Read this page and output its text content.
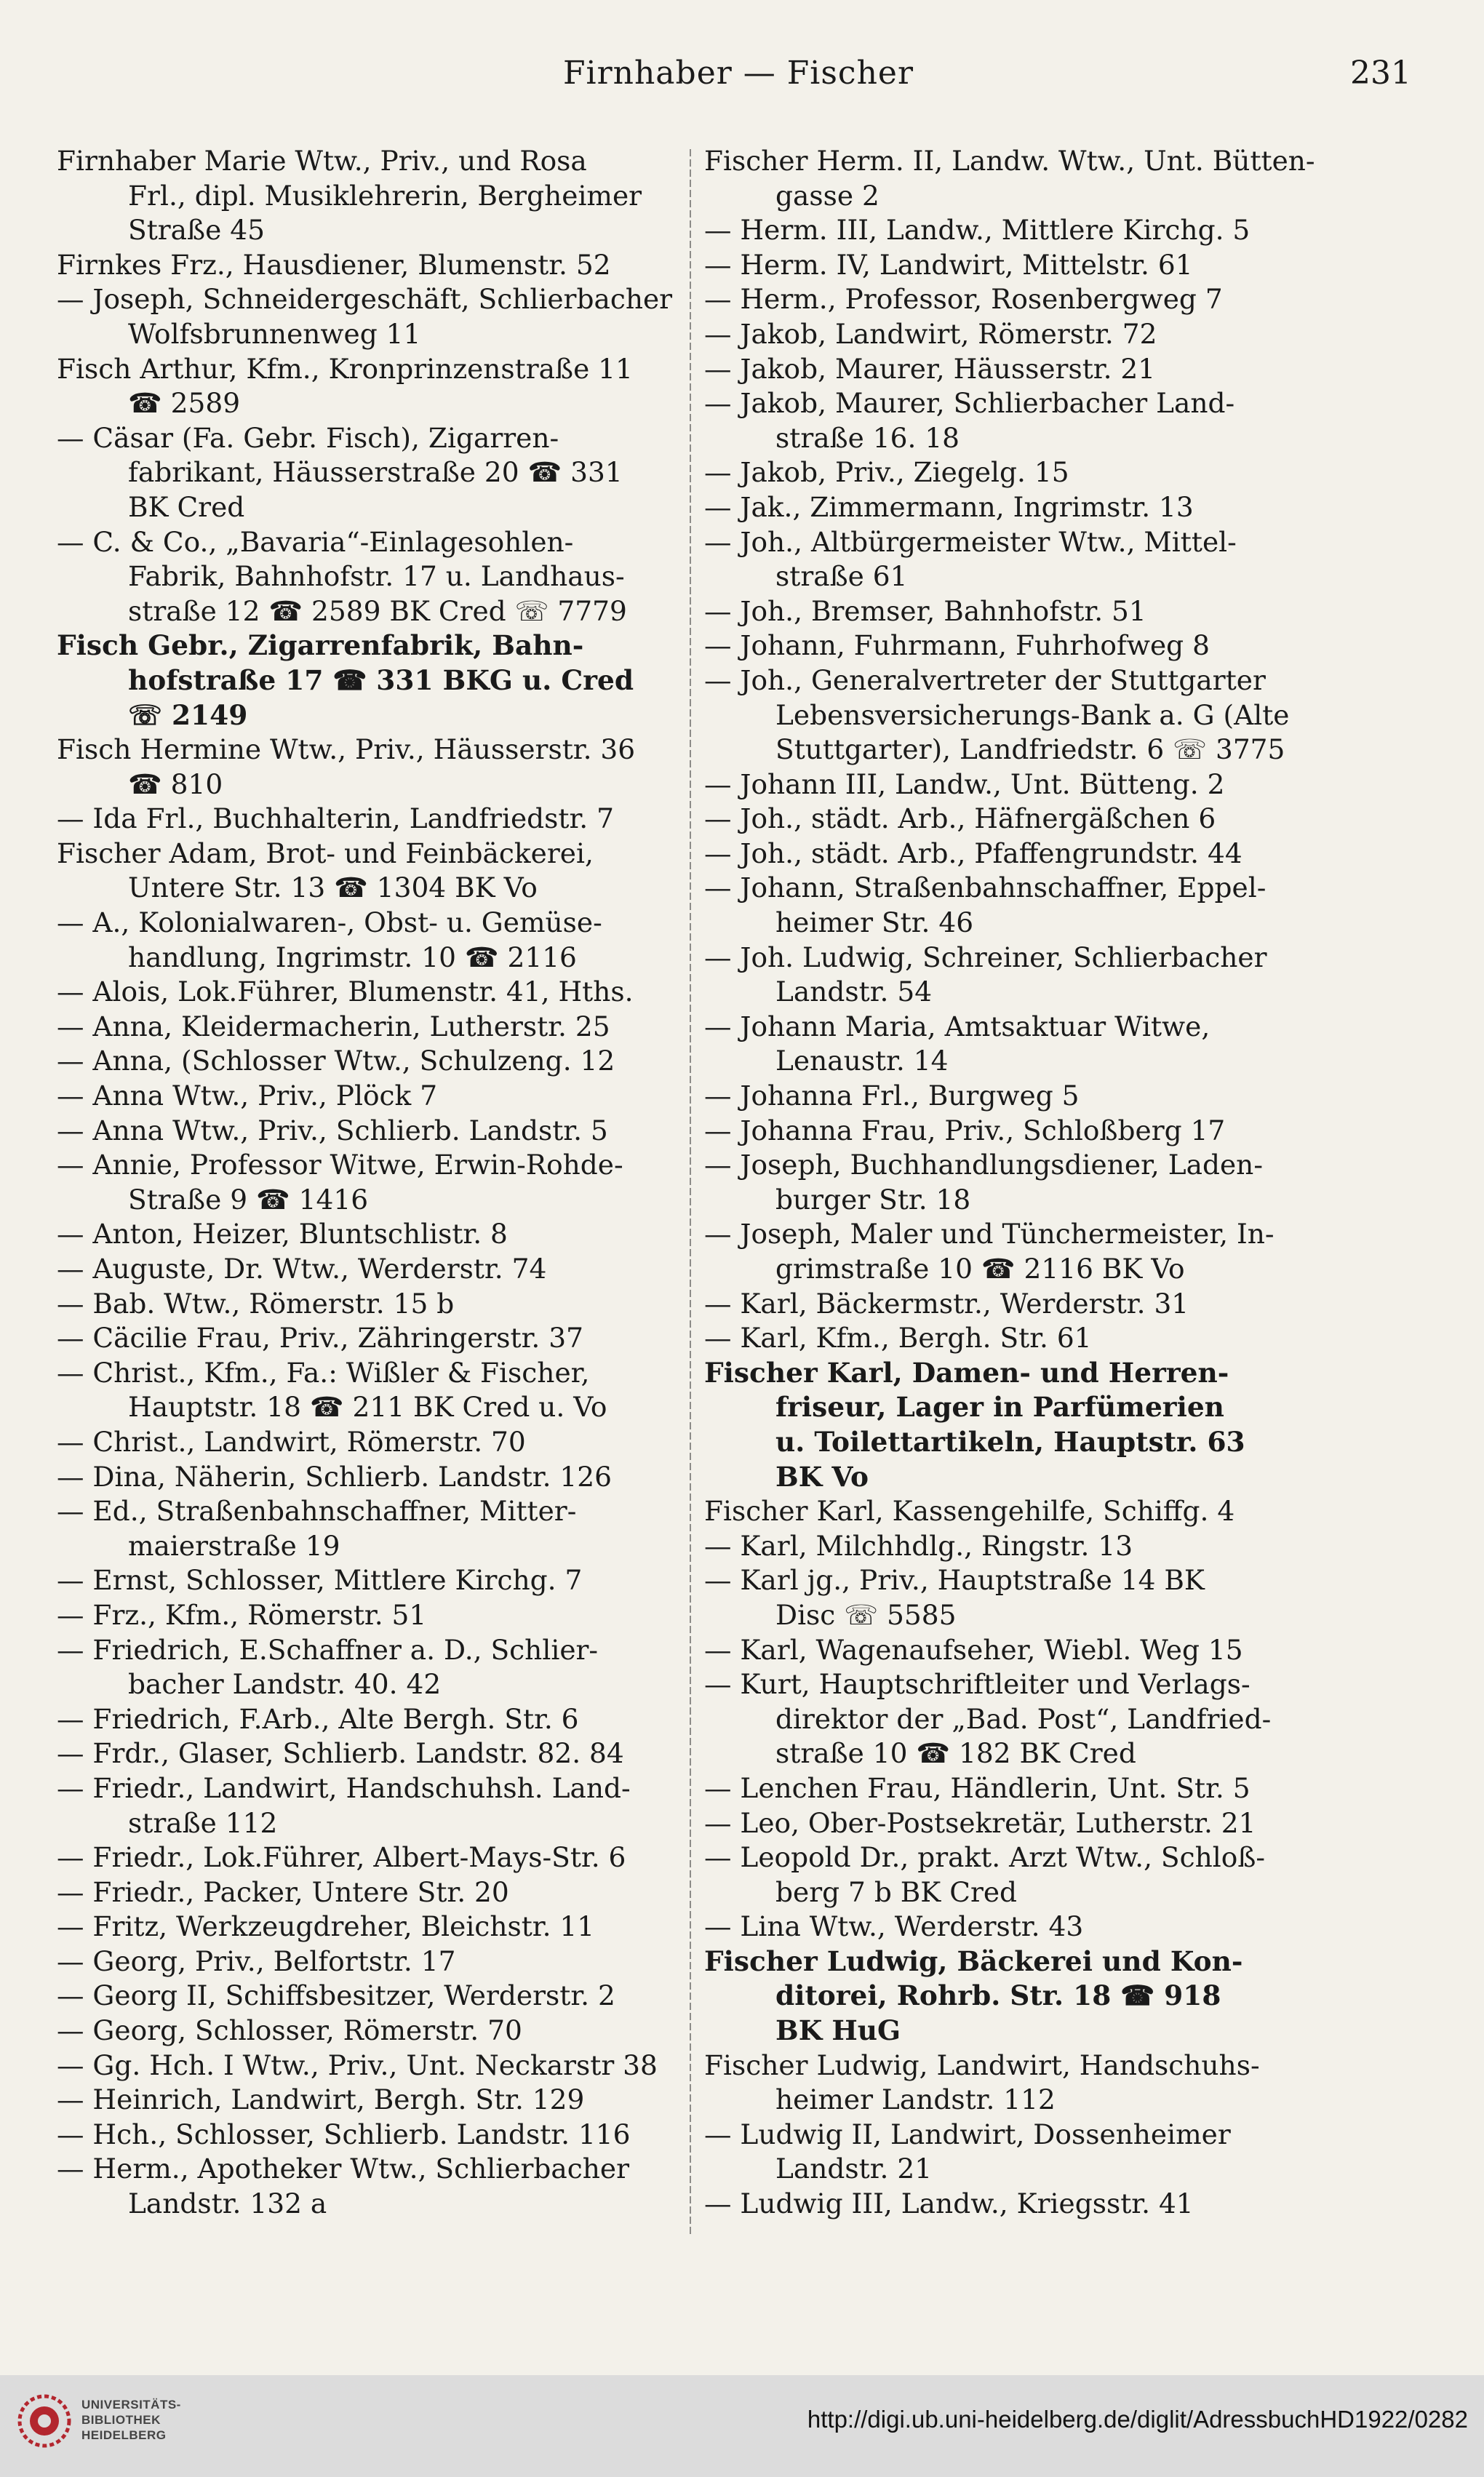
Firnhaber — Fischer	231
Firnhaber Marie Wtw., Priv., und Rosa
Frl., dipl. Musiklehrerin, Bergheimer
Straße 45
Firnkes Frz., Hausdiener, Blumenstr. 52
— Joseph, Schneidergeschäft, Schlierbacher
Wolfsbrunnenweg 11
Fisch Arthur, Kfm., Kronprinzenstraße 11
☎ 2589
— Cäsar (Fa. Gebr. Fisch), Zigarren-
fabrikant, Häusserstraße 20 ☎ 331
BK Cred
— C. & Co., „Bavaria“-Einlagesohlen-
Fabrik, Bahnhofstr. 17 u. Landhaus-
straße 12 ☎ 2589 BK Cred ☏ 7779
Fisch Gebr., Zigarrenfabrik, Bahn-
hofstraße 17 ☎ 331 BKG u. Cred
☏ 2149
Fisch Hermine Wtw., Priv., Häusserstr. 36
☎ 810
— Ida Frl., Buchhalterin, Landfriedstr. 7
Fischer Adam, Brot- und Feinbäckerei,
Untere Str. 13 ☎ 1304 BK Vo
— A., Kolonialwaren-, Obst- u. Gemüse-
handlung, Ingrimstr. 10 ☎ 2116
— Alois, Lok.Führer, Blumenstr. 41, Hths.
— Anna, Kleidermacherin, Lutherstr. 25
— Anna, (Schlosser Wtw., Schulzeng. 12
— Anna Wtw., Priv., Plöck 7
— Anna Wtw., Priv., Schlierb. Landstr. 5
— Annie, Professor Witwe, Erwin-Rohde-
Straße 9 ☎ 1416
— Anton, Heizer, Bluntschlistr. 8
— Auguste, Dr. Wtw., Werderstr. 74
— Bab. Wtw., Römerstr. 15 b
— Cäcilie Frau, Priv., Zähringerstr. 37
— Christ., Kfm., Fa.: Wißler & Fischer,
Hauptstr. 18 ☎ 211 BK Cred u. Vo
— Christ., Landwirt, Römerstr. 70
— Dina, Näherin, Schlierb. Landstr. 126
— Ed., Straßenbahnschaffner, Mitter-
maierstraße 19
— Ernst, Schlosser, Mittlere Kirchg. 7
— Frz., Kfm., Römerstr. 51
— Friedrich, E.Schaffner a. D., Schlier-
bacher Landstr. 40. 42
— Friedrich, F.Arb., Alte Bergh. Str. 6
— Frdr., Glaser, Schlierb. Landstr. 82. 84
— Friedr., Landwirt, Handschuhsh. Land-
straße 112
— Friedr., Lok.Führer, Albert-Mays-Str. 6
— Friedr., Packer, Untere Str. 20
— Fritz, Werkzeugdreher, Bleichstr. 11
— Georg, Priv., Belfortstr. 17
— Georg II, Schiffsbesitzer, Werderstr. 2
— Georg, Schlosser, Römerstr. 70
— Gg. Hch. I Wtw., Priv., Unt. Neckarstr 38
— Heinrich, Landwirt, Bergh. Str. 129
— Hch., Schlosser, Schlierb. Landstr. 116
— Herm., Apotheker Wtw., Schlierbacher
Landstr. 132 a
Fischer Herm. II, Landw. Wtw., Unt. Bütten-
gasse 2
— Herm. III, Landw., Mittlere Kirchg. 5
— Herm. IV, Landwirt, Mittelstr. 61
— Herm., Professor, Rosenbergweg 7
— Jakob, Landwirt, Römerstr. 72
— Jakob, Maurer, Häusserstr. 21
— Jakob, Maurer, Schlierbacher Land-
straße 16. 18
— Jakob, Priv., Ziegelg. 15
— Jak., Zimmermann, Ingrimstr. 13
— Joh., Altbürgermeister Wtw., Mittel-
straße 61
— Joh., Bremser, Bahnhofstr. 51
— Johann, Fuhrmann, Fuhrhofweg 8
— Joh., Generalvertreter der Stuttgarter
Lebensversicherungs-Bank a. G (Alte
Stuttgarter), Landfriedstr. 6 ☏ 3775
— Johann III, Landw., Unt. Bütteng. 2
— Joh., städt. Arb., Häfnergäßchen 6
— Joh., städt. Arb., Pfaffengrundstr. 44
— Johann, Straßenbahnschaffner, Eppel-
heimer Str. 46
— Joh. Ludwig, Schreiner, Schlierbacher
Landstr. 54
— Johann Maria, Amtsaktuar Witwe,
Lenaustr. 14
— Johanna Frl., Burgweg 5
— Johanna Frau, Priv., Schloßberg 17
— Joseph, Buchhandlungsdiener, Laden-
burger Str. 18
— Joseph, Maler und Tünchermeister, In-
grimstraße 10 ☎ 2116 BK Vo
— Karl, Bäckermstr., Werderstr. 31
— Karl, Kfm., Bergh. Str. 61
Fischer Karl, Damen- und Herren-
friseur, Lager in Parfümerien
u. Toilettartikeln, Hauptstr. 63
BK Vo
Fischer Karl, Kassengehilfe, Schiffg. 4
— Karl, Milchhdlg., Ringstr. 13
— Karl jg., Priv., Hauptstraße 14 BK
Disc ☏ 5585
— Karl, Wagenaufseher, Wiebl. Weg 15
— Kurt, Hauptschriftleiter und Verlags-
direktor der „Bad. Post“, Landfried-
straße 10 ☎ 182 BK Cred
— Lenchen Frau, Händlerin, Unt. Str. 5
— Leo, Ober-Postsekretär, Lutherstr. 21
— Leopold Dr., prakt. Arzt Wtw., Schloß-
berg 7 b BK Cred
— Lina Wtw., Werderstr. 43
Fischer Ludwig, Bäckerei und Kon-
ditorei, Rohrb. Str. 18 ☎ 918
BK HuG
Fischer Ludwig, Landwirt, Handschuhs-
heimer Landstr. 112
— Ludwig II, Landwirt, Dossenheimer
Landstr. 21
— Ludwig III, Landw., Kriegsstr. 41
UNIVERSITÄTS-
BIBLIOTHEK
HEIDELBERG
http://digi.ub.uni-heidelberg.de/diglit/AdressbuchHD1922/0282
